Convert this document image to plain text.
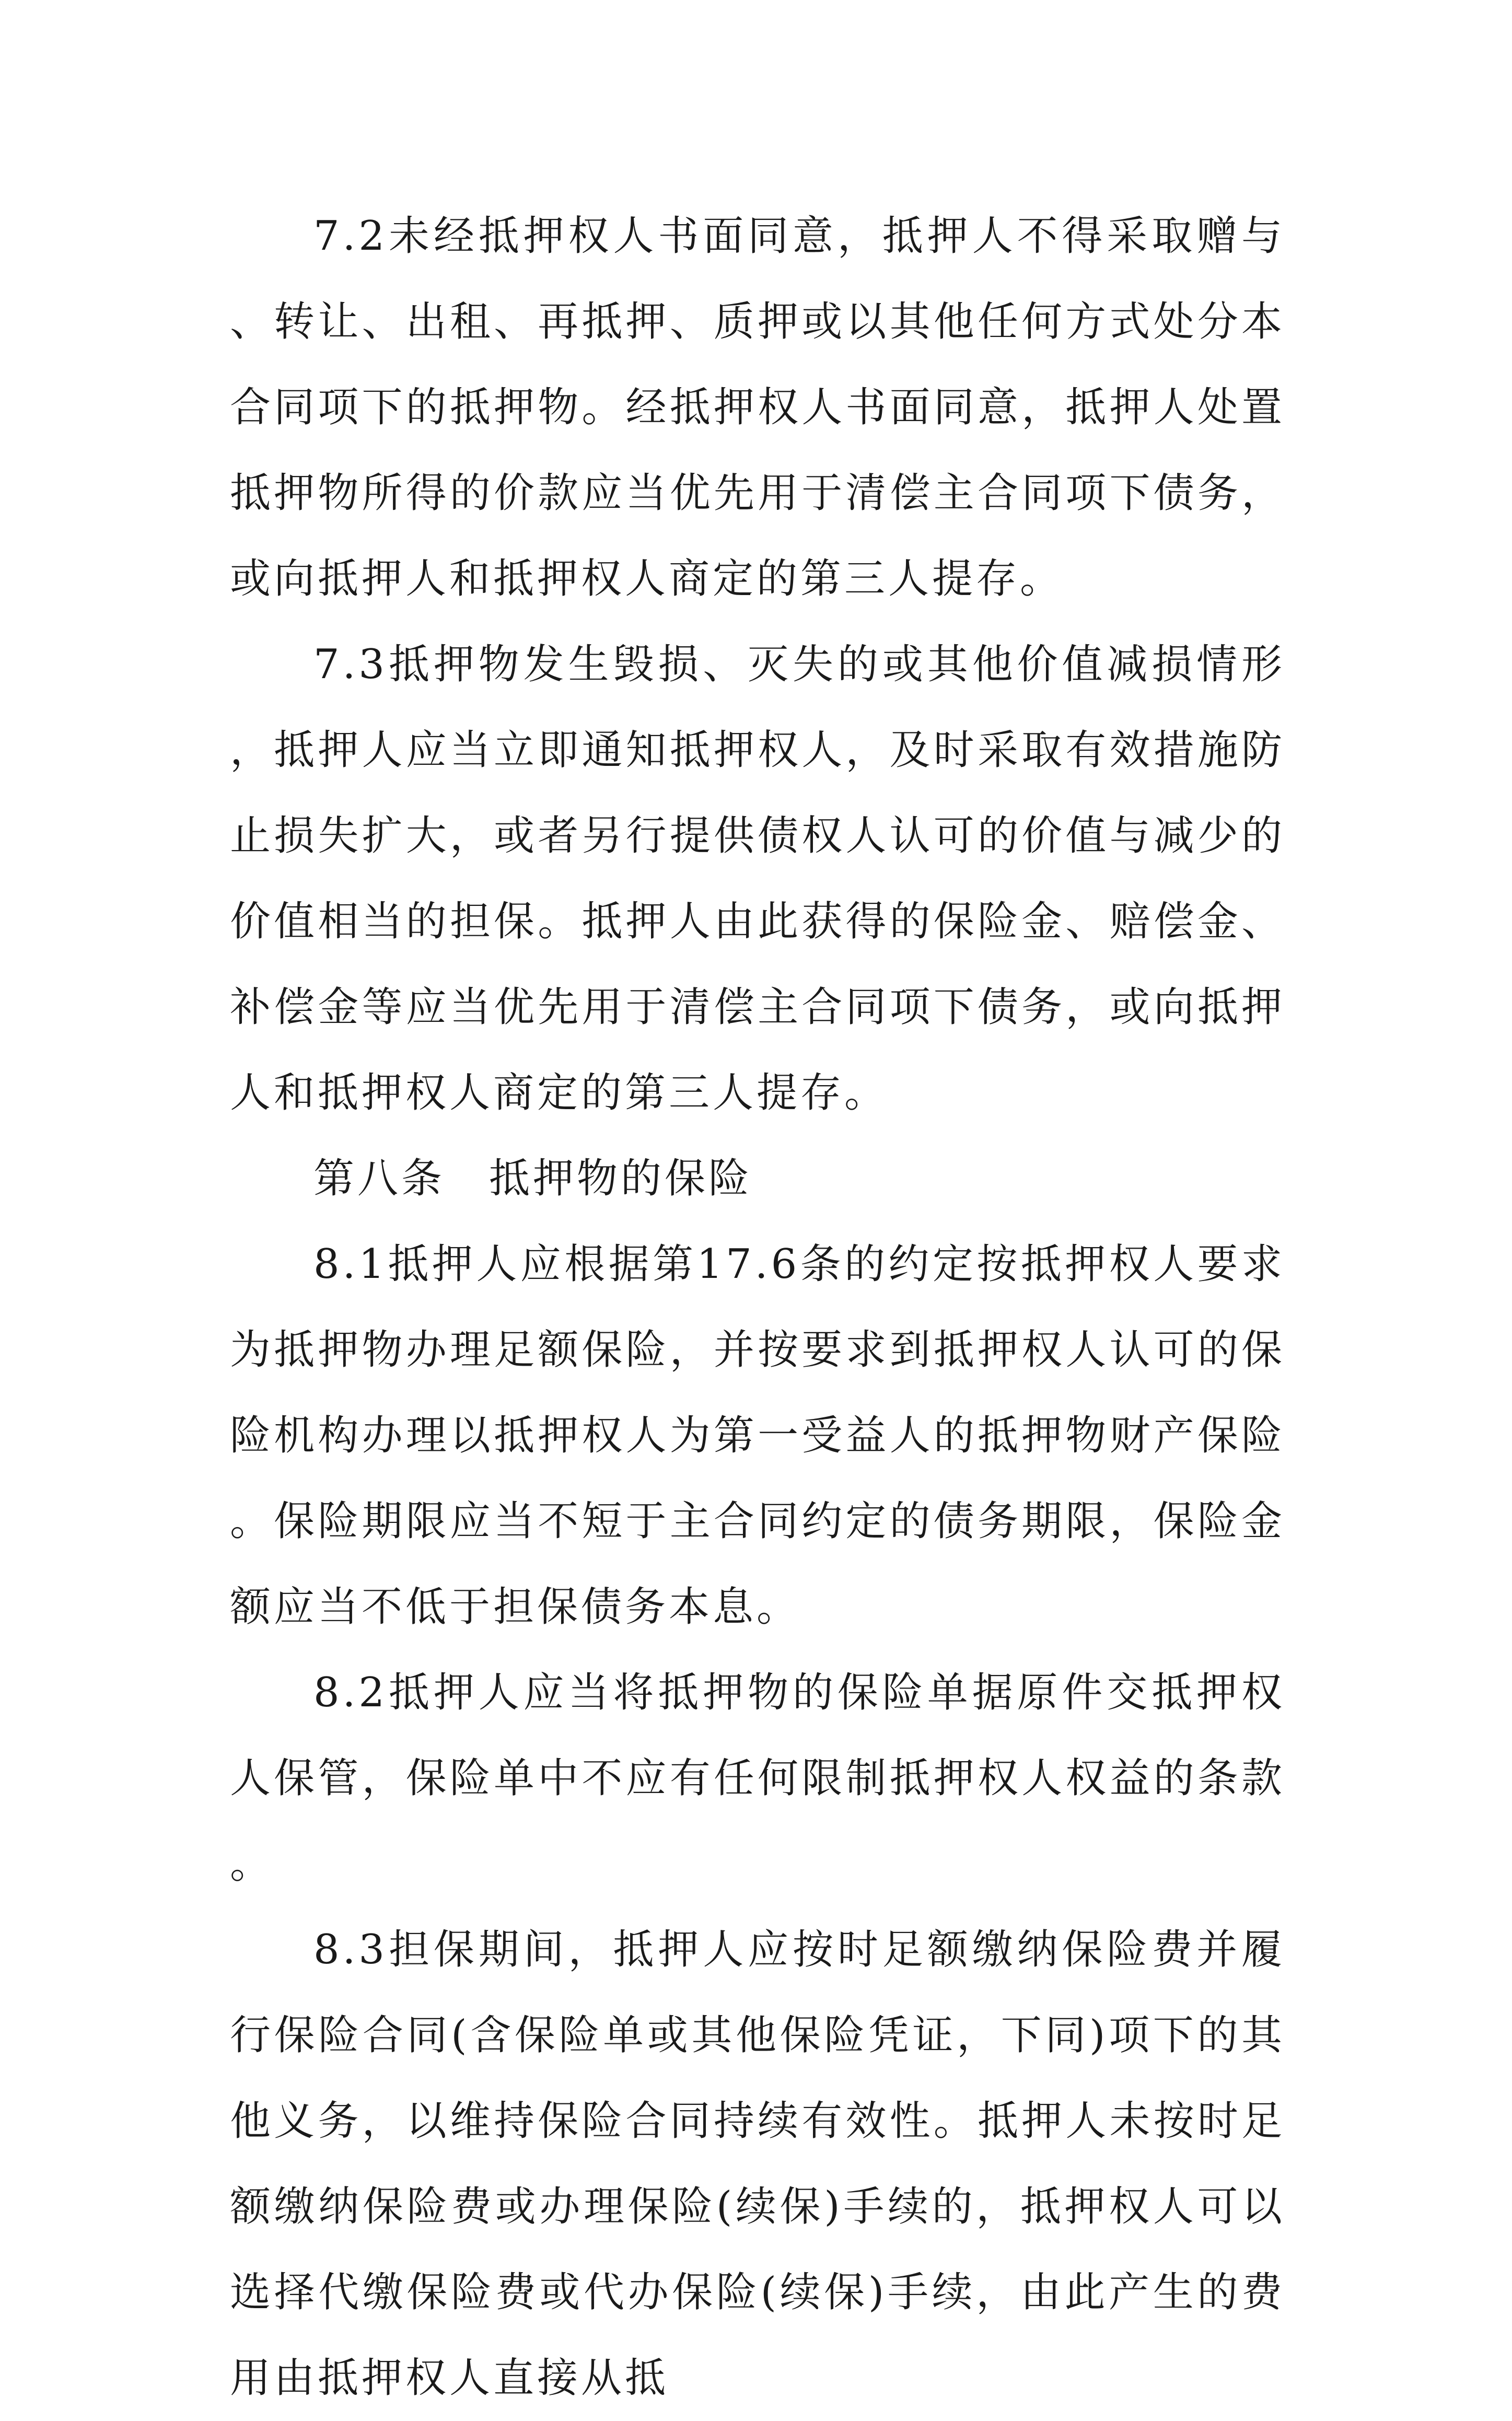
7.2未经抵押权人书面同意，抵押人不得采取赠与、转让、出租、再抵押、质押或以其他任何方式处分本合同项下的抵押物。经抵押权人书面同意，抵押人处置抵押物所得的价款应当优先用于清偿主合同项下债务，或向抵押人和抵押权人商定的第三人提存。

7.3抵押物发生毁损、灭失的或其他价值减损情形，抵押人应当立即通知抵押权人，及时采取有效措施防止损失扩大，或者另行提供债权人认可的价值与减少的价值相当的担保。抵押人由此获得的保险金、赔偿金、补偿金等应当优先用于清偿主合同项下债务，或向抵押人和抵押权人商定的第三人提存。

第八条　抵押物的保险

8.1抵押人应根据第17.6条的约定按抵押权人要求为抵押物办理足额保险，并按要求到抵押权人认可的保险机构办理以抵押权人为第一受益人的抵押物财产保险。保险期限应当不短于主合同约定的债务期限，保险金额应当不低于担保债务本息。

8.2抵押人应当将抵押物的保险单据原件交抵押权人保管，保险单中不应有任何限制抵押权人权益的条款。

8.3担保期间，抵押人应按时足额缴纳保险费并履行保险合同(含保险单或其他保险凭证，下同)项下的其他义务，以维持保险合同持续有效性。抵押人未按时足额缴纳保险费或办理保险(续保)手续的，抵押权人可以选择代缴保险费或代办保险(续保)手续，由此产生的费用由抵押权人直接从抵
